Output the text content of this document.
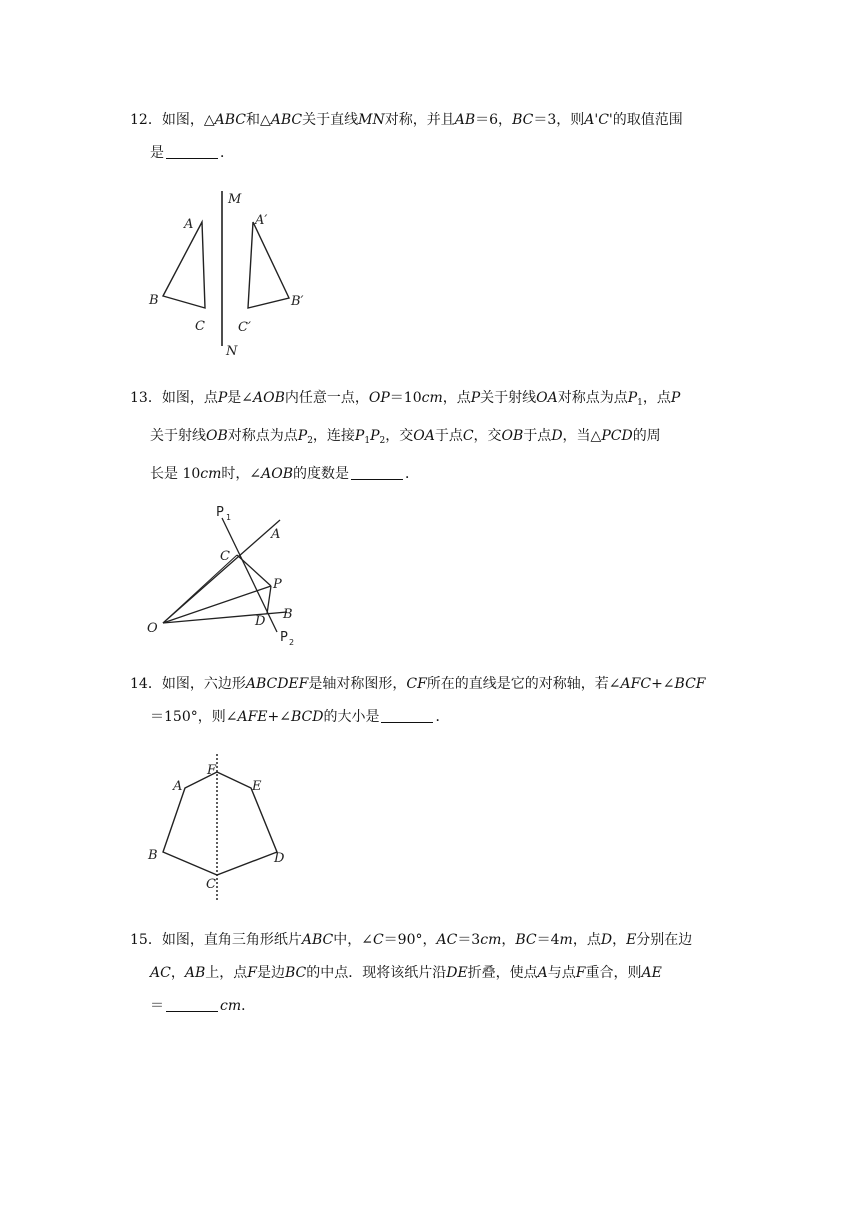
12．如图，△ABC和△ABC关于直线MN对称，并且AB＝6，BC＝3，则A'C'的取值范围
是	．
M
N
A
B
C
A′
B′
C′
13．如图，点P是∠AOB内任意一点，OP＝10cm，点P关于射线OA对称点为点$P_1$，点P
关于射线OB对称点为点$P_2$，连接$P_1P_2$，交OA于点C，交OB于点D，当△PCD的周
长是 10cm时，∠AOB的度数是	．
P 1
A
C
P
B
O	D
P 2
14．如图，六边形ABCDEF是轴对称图形，CF所在的直线是它的对称轴，若∠AFC+∠BCF
＝150°，则∠AFE+∠BCD的大小是	．
A
F
E
B	D
C
15．如图，直角三角形纸片ABC中，∠C＝90°，AC＝3cm，BC＝4m，点D，E分别在边
AC，AB上，点F是边BC的中点．现将该纸片沿DE折叠，使点A与点F重合，则AE
＝	cm．
